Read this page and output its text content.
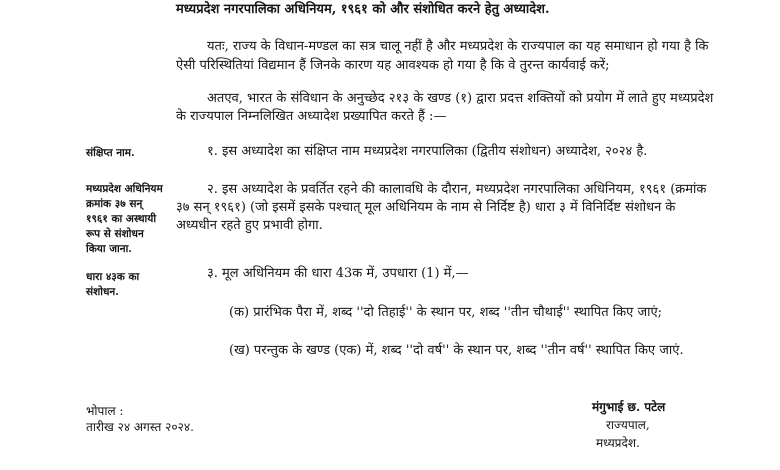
मध्यप्रदेश नगरपालिका अधिनियम, १९६१ को और संशोधित करने हेतु अध्यादेश.
यतः, राज्य के विधान-मण्डल का सत्र चालू नहीं है और मध्यप्रदेश के राज्यपाल का यह समाधान हो गया है कि
ऐसी परिस्थितियां विद्यमान हैं जिनके कारण यह आवश्यक हो गया है कि वे तुरन्त कार्यवाई करें;
अतएव, भारत के संविधान के अनुच्छेद २१३ के खण्ड (१) द्वारा प्रदत्त शक्तियों को प्रयोग में लाते हुए मध्यप्रदेश
के राज्यपाल निम्नलिखित अध्यादेश प्रख्यापित करते हैं :—
संक्षिप्त नाम.
मध्यप्रदेश अधिनियम
क्रमांक ३७ सन्
१९६१ का अस्थायी
रूप से संशोधन
किया जाना.
धारा ४३क का
संशोधन.
१. इस अध्यादेश का संक्षिप्त नाम मध्यप्रदेश नगरपालिका (द्वितीय संशोधन) अध्यादेश, २०२४ है.
२. इस अध्यादेश के प्रवर्तित रहने की कालावधि के दौरान, मध्यप्रदेश नगरपालिका अधिनियम, १९६१ (क्रमांक
३७ सन् १९६१) (जो इसमें इसके पश्चात् मूल अधिनियम के नाम से निर्दिष्ट है) धारा ३ में विनिर्दिष्ट संशोधन के
अध्यधीन रहते हुए प्रभावी होगा.
३. मूल अधिनियम की धारा 43क में, उपधारा (1) में,—
(क) प्रारंभिक पैरा में, शब्द ''दो तिहाई'' के स्थान पर, शब्द ''तीन चौथाई'' स्थापित किए जाएं;
(ख) परन्तुक के खण्ड (एक) में, शब्द ''दो वर्ष'' के स्थान पर, शब्द ''तीन वर्ष'' स्थापित किए जाएं.
भोपाल :
तारीख २४ अगस्त २०२४.
मंगुभाई छ. पटेल
राज्यपाल,
मध्यप्रदेश.
